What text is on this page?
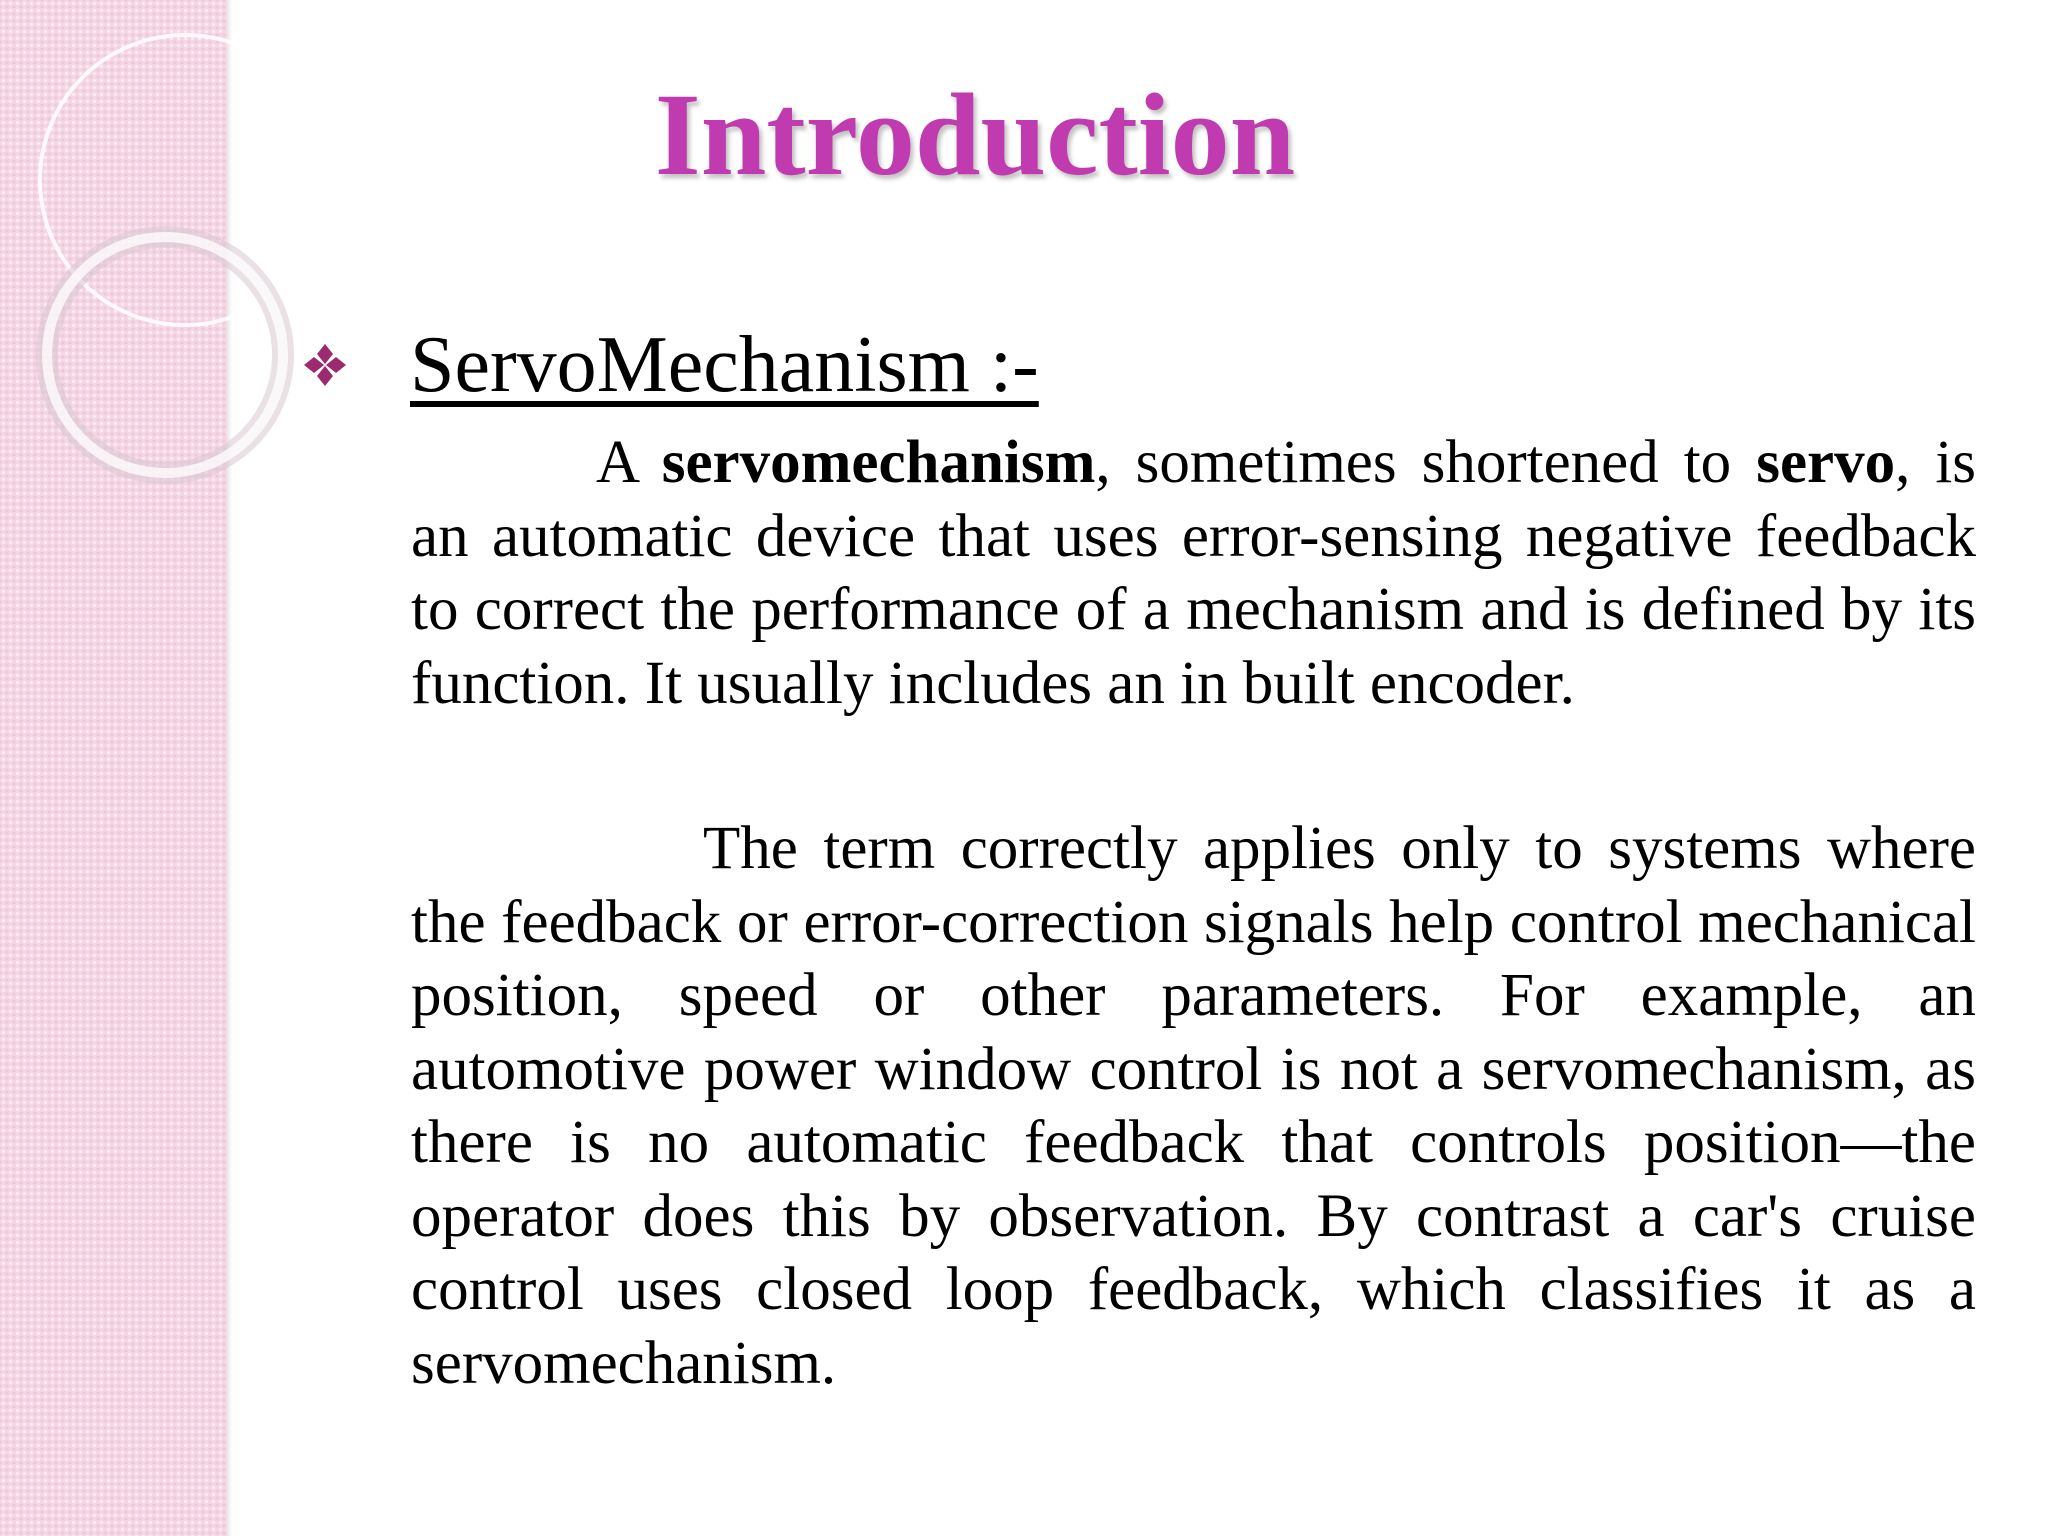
Introduction
ServoMechanism :-

A servomechanism, sometimes shortened to servo, is an automatic device that uses error-sensing negative feedback to correct the performance of a mechanism and is defined by its function. It usually includes an in built encoder.

The term correctly applies only to systems where the feedback or error-correction signals help control mechanical position, speed or other parameters. For example, an automotive power window control is not a servomechanism, as there is no automatic feedback that controls position—the operator does this by observation. By contrast a car's cruise control uses closed loop feedback, which classifies it as a servomechanism.
